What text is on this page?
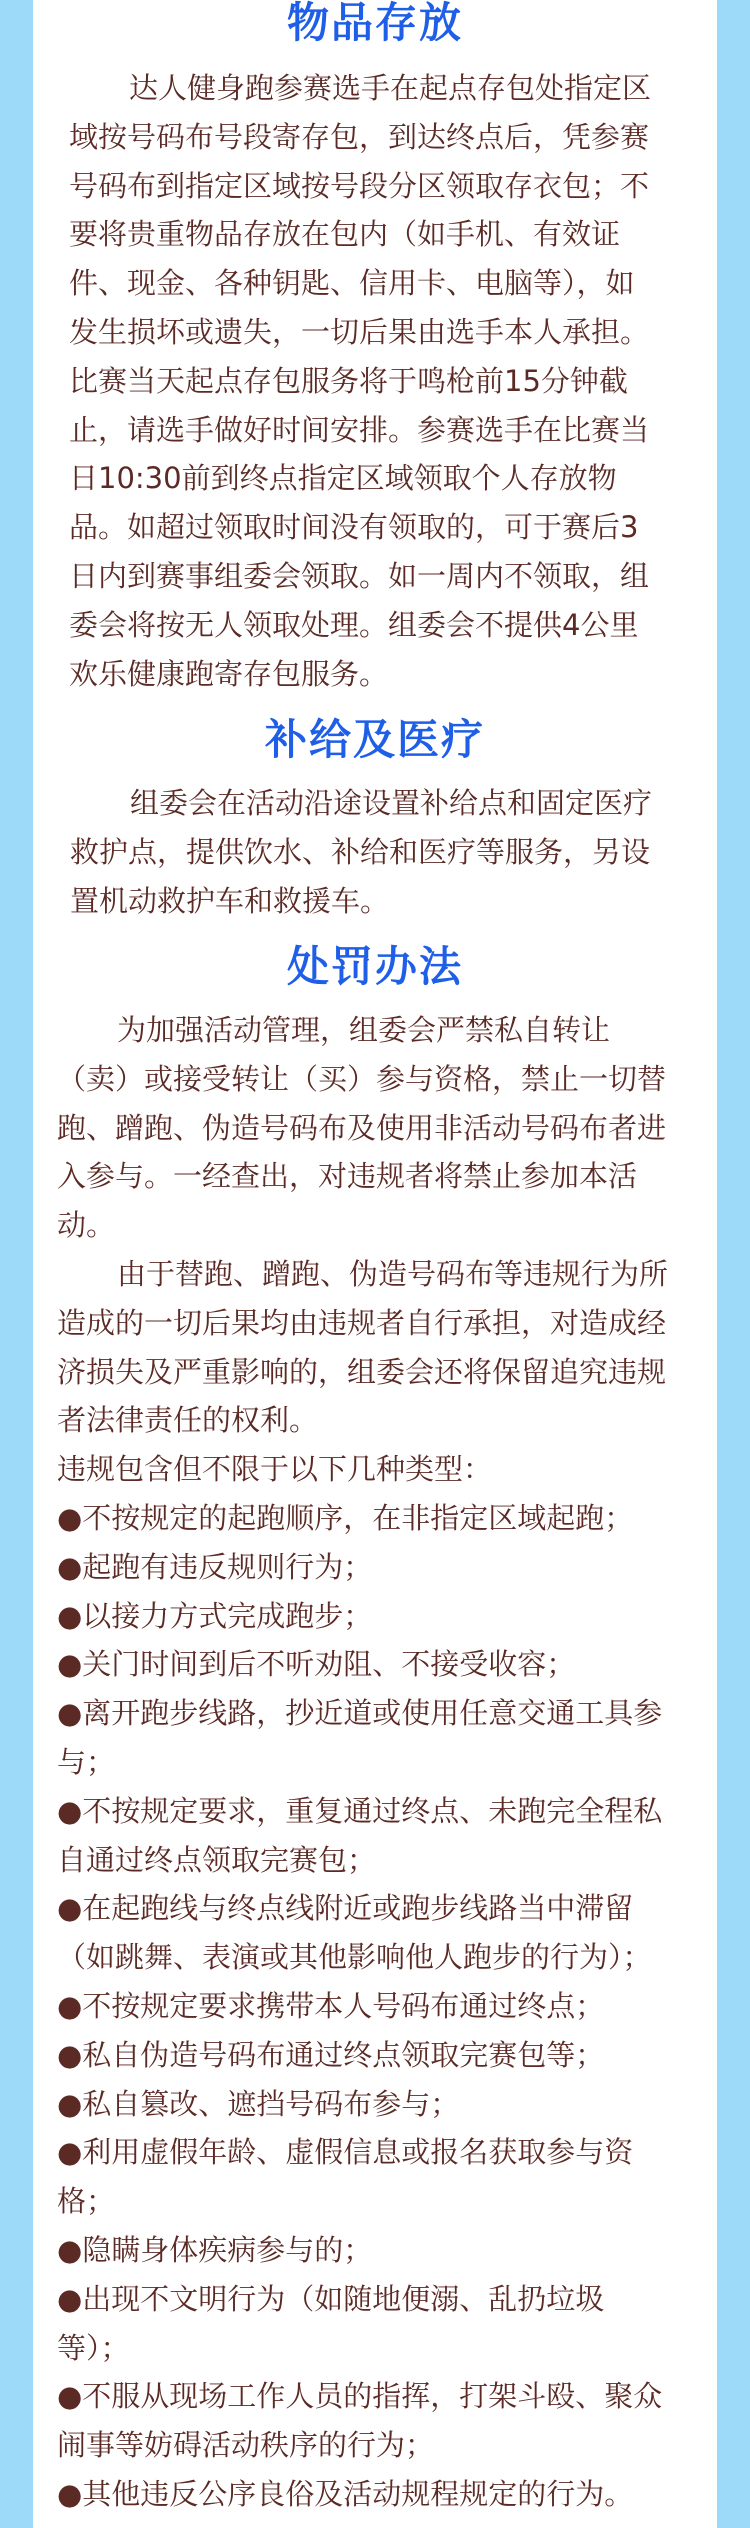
物品存放
达人健身跑参赛选手在起点存包处指定区
域按号码布号段寄存包，到达终点后，凭参赛
号码布到指定区域按号段分区领取存衣包；不
要将贵重物品存放在包内（如手机、有效证
件、现金、各种钥匙、信用卡、电脑等），如
发生损坏或遗失，一切后果由选手本人承担。
比赛当天起点存包服务将于鸣枪前15分钟截
止，请选手做好时间安排。参赛选手在比赛当
日10:30前到终点指定区域领取个人存放物
品。如超过领取时间没有领取的，可于赛后3
日内到赛事组委会领取。如一周内不领取，组
委会将按无人领取处理。组委会不提供4公里
欢乐健康跑寄存包服务。
补给及医疗
组委会在活动沿途设置补给点和固定医疗
救护点，提供饮水、补给和医疗等服务，另设
置机动救护车和救援车。
处罚办法
为加强活动管理，组委会严禁私自转让
（卖）或接受转让（买）参与资格，禁止一切替
跑、蹭跑、伪造号码布及使用非活动号码布者进
入参与。一经查出，对违规者将禁止参加本活
动。
由于替跑、蹭跑、伪造号码布等违规行为所
造成的一切后果均由违规者自行承担，对造成经
济损失及严重影响的，组委会还将保留追究违规
者法律责任的权利。
违规包含但不限于以下几种类型：
●不按规定的起跑顺序，在非指定区域起跑；
●起跑有违反规则行为；
●以接力方式完成跑步；
●关门时间到后不听劝阻、不接受收容；
●离开跑步线路，抄近道或使用任意交通工具参
与；
●不按规定要求，重复通过终点、未跑完全程私
自通过终点领取完赛包；
●在起跑线与终点线附近或跑步线路当中滞留
（如跳舞、表演或其他影响他人跑步的行为）；
●不按规定要求携带本人号码布通过终点；
●私自伪造号码布通过终点领取完赛包等；
●私自篡改、遮挡号码布参与；
●利用虚假年龄、虚假信息或报名获取参与资
格；
●隐瞒身体疾病参与的；
●出现不文明行为（如随地便溺、乱扔垃圾
等）；
●不服从现场工作人员的指挥，打架斗殴、聚众
闹事等妨碍活动秩序的行为；
●其他违反公序良俗及活动规程规定的行为。
